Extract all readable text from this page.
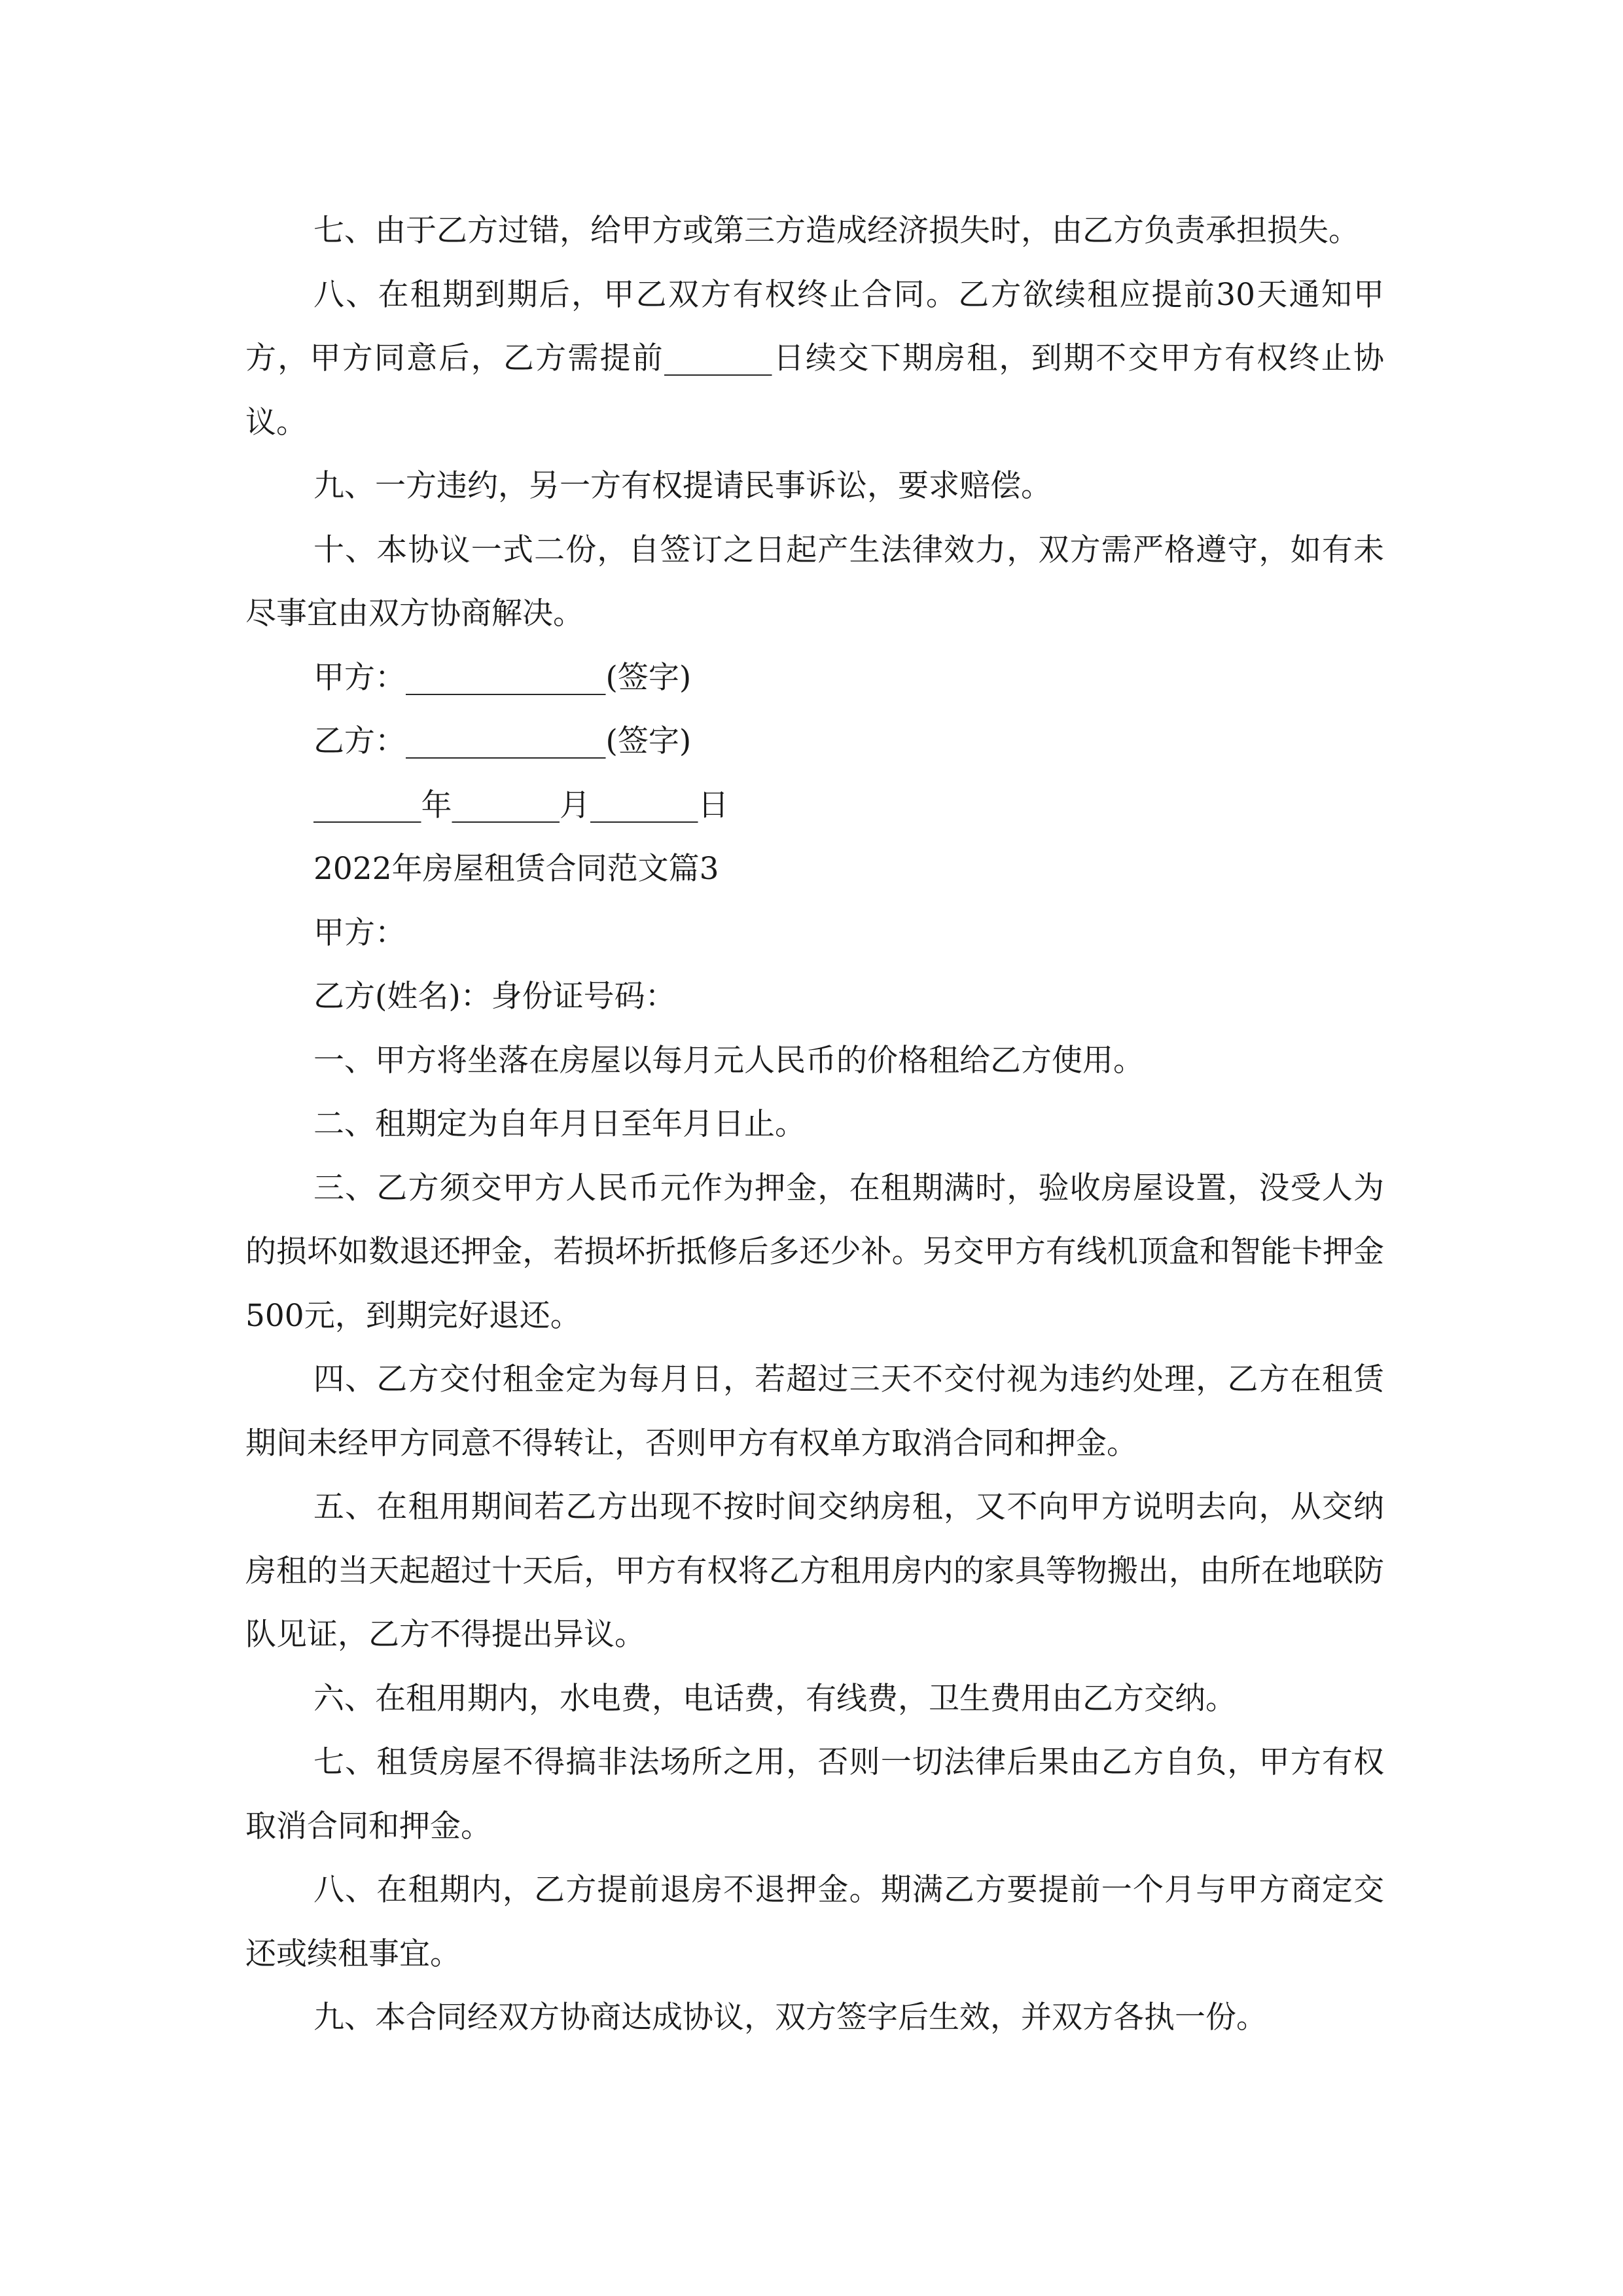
七、由于乙方过错，给甲方或第三方造成经济损失时，由乙方负责承担损失。

八、在租期到期后，甲乙双方有权终止合同。乙方欲续租应提前30天通知甲方，甲方同意后，乙方需提前_______日续交下期房租，到期不交甲方有权终止协议。

九、一方违约，另一方有权提请民事诉讼，要求赔偿。

十、本协议一式二份，自签订之日起产生法律效力，双方需严格遵守，如有未尽事宜由双方协商解决。

甲方：_____________(签字)

乙方：_____________(签字)

_______年_______月_______日

2022年房屋租赁合同范文篇3

甲方：

乙方(姓名)：身份证号码：

一、甲方将坐落在房屋以每月元人民币的价格租给乙方使用。

二、租期定为自年月日至年月日止。

三、乙方须交甲方人民币元作为押金，在租期满时，验收房屋设置，没受人为的损坏如数退还押金，若损坏折抵修后多还少补。另交甲方有线机顶盒和智能卡押金500元，到期完好退还。

四、乙方交付租金定为每月日，若超过三天不交付视为违约处理，乙方在租赁期间未经甲方同意不得转让，否则甲方有权单方取消合同和押金。

五、在租用期间若乙方出现不按时间交纳房租，又不向甲方说明去向，从交纳房租的当天起超过十天后，甲方有权将乙方租用房内的家具等物搬出，由所在地联防队见证，乙方不得提出异议。

六、在租用期内，水电费，电话费，有线费，卫生费用由乙方交纳。

七、租赁房屋不得搞非法场所之用，否则一切法律后果由乙方自负，甲方有权取消合同和押金。

八、在租期内，乙方提前退房不退押金。期满乙方要提前一个月与甲方商定交还或续租事宜。

九、本合同经双方协商达成协议，双方签字后生效，并双方各执一份。
